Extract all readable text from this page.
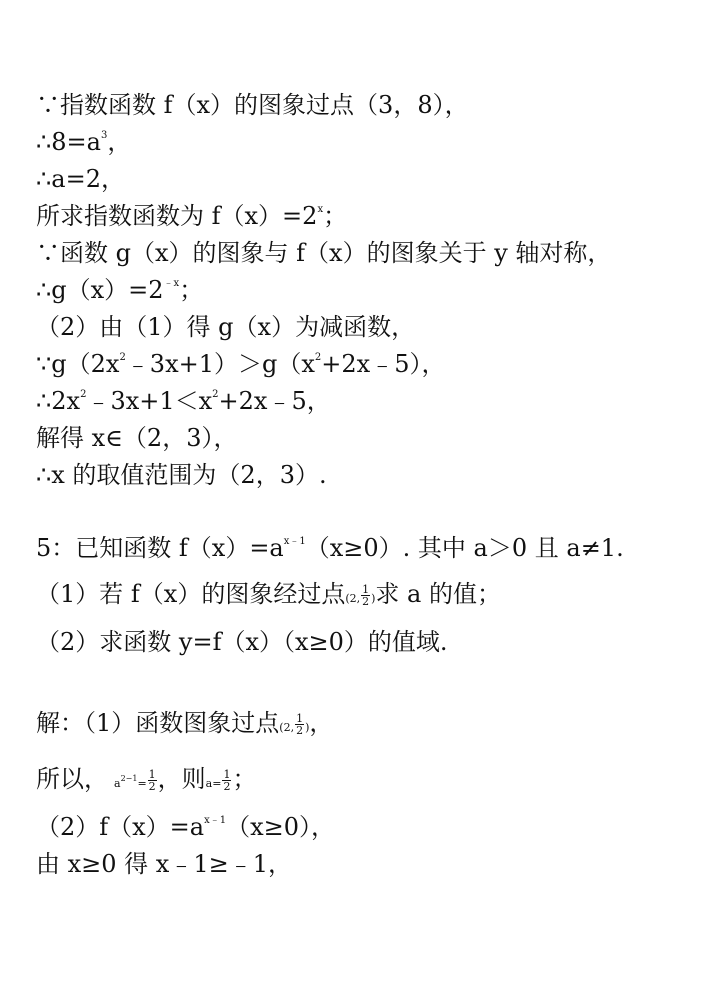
∵指数函数 f（x）的图象过点（3，8），
$\therefore 8=a^3$，
∴a=2，
所求指数函数为 $f(x)=2^x$；
∵函数 g（x）的图象与 f（x）的图象关于 y 轴对称，
$\therefore g(x)=2^{﹣x}$；
（2）由（1）得 g（x）为减函数，
$\because g(2x^2﹣3x+1)>g(x^2+2x﹣5)$，
$\therefore 2x^2﹣3x+1<x^2+2x﹣5$，
解得 x∈（2，3），
∴x 的取值范围为（2，3）.
5：已知函数 $f(x)=a^{x﹣1}(x\ge 0)$. 其中 a＞0 且 a≠1.
（1）若 f（x）的图象经过点(2, $\frac{1}{2}$ )求 a 的值；
（2）求函数 y=f（x）（x≥0）的值域.
解：（1）函数图象过点(2, $\frac{1}{2}$ )，
所以， $a^{2-1}= \frac{1}{2}$ ，则$a= \frac{1}{2}$ ；
$(2)f(x)=a^{x﹣1}(x\ge 0)$，
由 x≥0 得 x﹣1≥﹣1，
